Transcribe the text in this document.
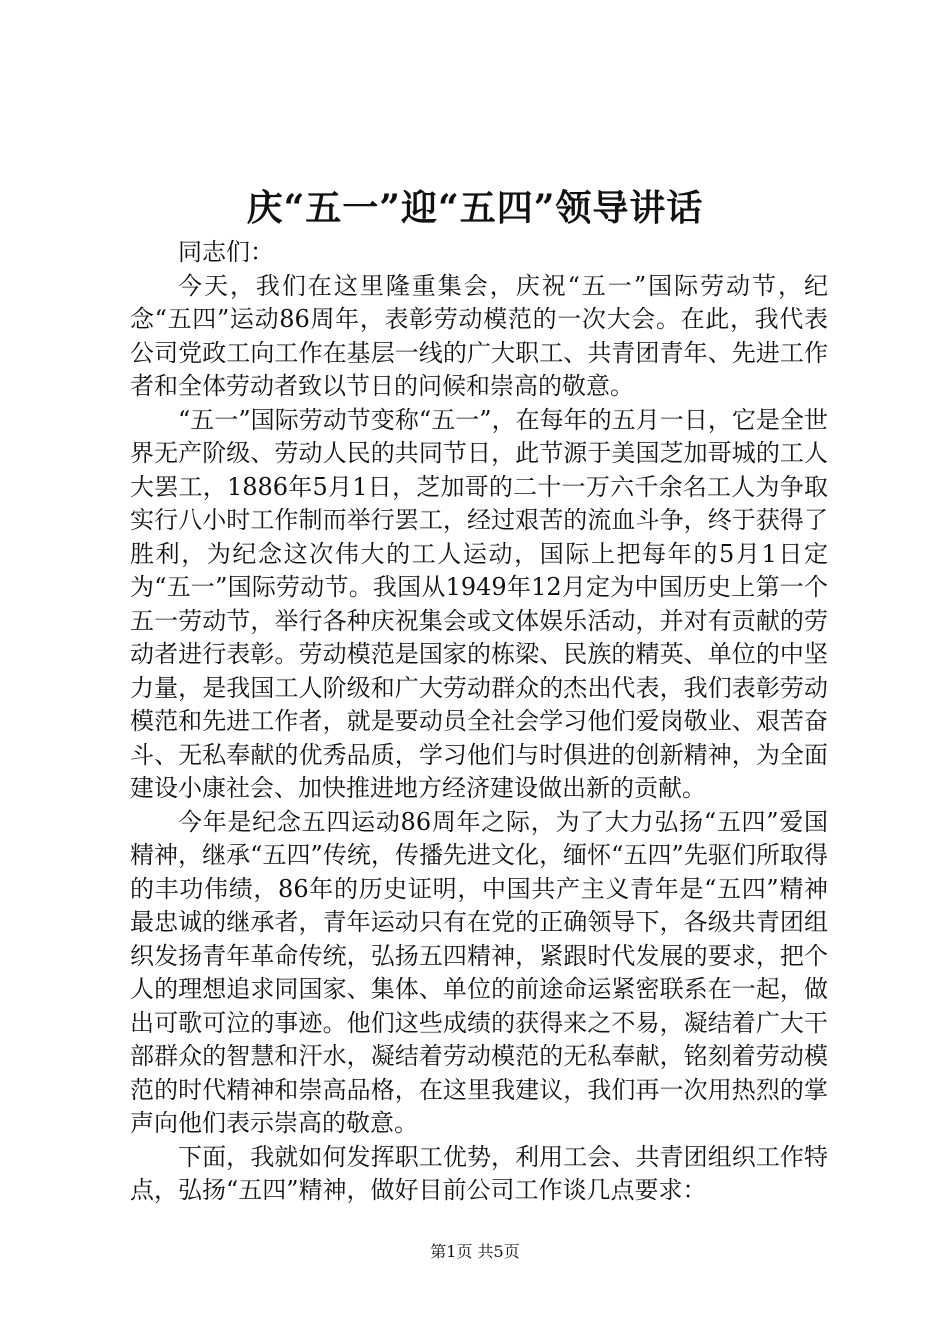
庆“五一”迎“五四”领导讲话

同志们：

今天，我们在这里隆重集会，庆祝“五一”国际劳动节，纪念“五四”运动86周年，表彰劳动模范的一次大会。在此，我代表公司党政工向工作在基层一线的广大职工、共青团青年、先进工作者和全体劳动者致以节日的问候和崇高的敬意。

“五一”国际劳动节变称“五一”，在每年的五月一日，它是全世界无产阶级、劳动人民的共同节日，此节源于美国芝加哥城的工人大罢工，1886年5月1日，芝加哥的二十一万六千余名工人为争取实行八小时工作制而举行罢工，经过艰苦的流血斗争，终于获得了胜利，为纪念这次伟大的工人运动，国际上把每年的5月1日定为“五一”国际劳动节。我国从1949年12月定为中国历史上第一个五一劳动节，举行各种庆祝集会或文体娱乐活动，并对有贡献的劳动者进行表彰。劳动模范是国家的栋梁、民族的精英、单位的中坚力量，是我国工人阶级和广大劳动群众的杰出代表，我们表彰劳动模范和先进工作者，就是要动员全社会学习他们爱岗敬业、艰苦奋斗、无私奉献的优秀品质，学习他们与时俱进的创新精神，为全面建设小康社会、加快推进地方经济建设做出新的贡献。

今年是纪念五四运动86周年之际，为了大力弘扬“五四”爱国精神，继承“五四”传统，传播先进文化，缅怀“五四”先驱们所取得的丰功伟绩，86年的历史证明，中国共产主义青年是“五四”精神最忠诚的继承者，青年运动只有在党的正确领导下，各级共青团组织发扬青年革命传统，弘扬五四精神，紧跟时代发展的要求，把个人的理想追求同国家、集体、单位的前途命运紧密联系在一起，做出可歌可泣的事迹。他们这些成绩的获得来之不易，凝结着广大干部群众的智慧和汗水，凝结着劳动模范的无私奉献，铭刻着劳动模范的时代精神和崇高品格，在这里我建议，我们再一次用热烈的掌声向他们表示崇高的敬意。

下面，我就如何发挥职工优势，利用工会、共青团组织工作特点，弘扬“五四”精神，做好目前公司工作谈几点要求：

第1页 共5页
